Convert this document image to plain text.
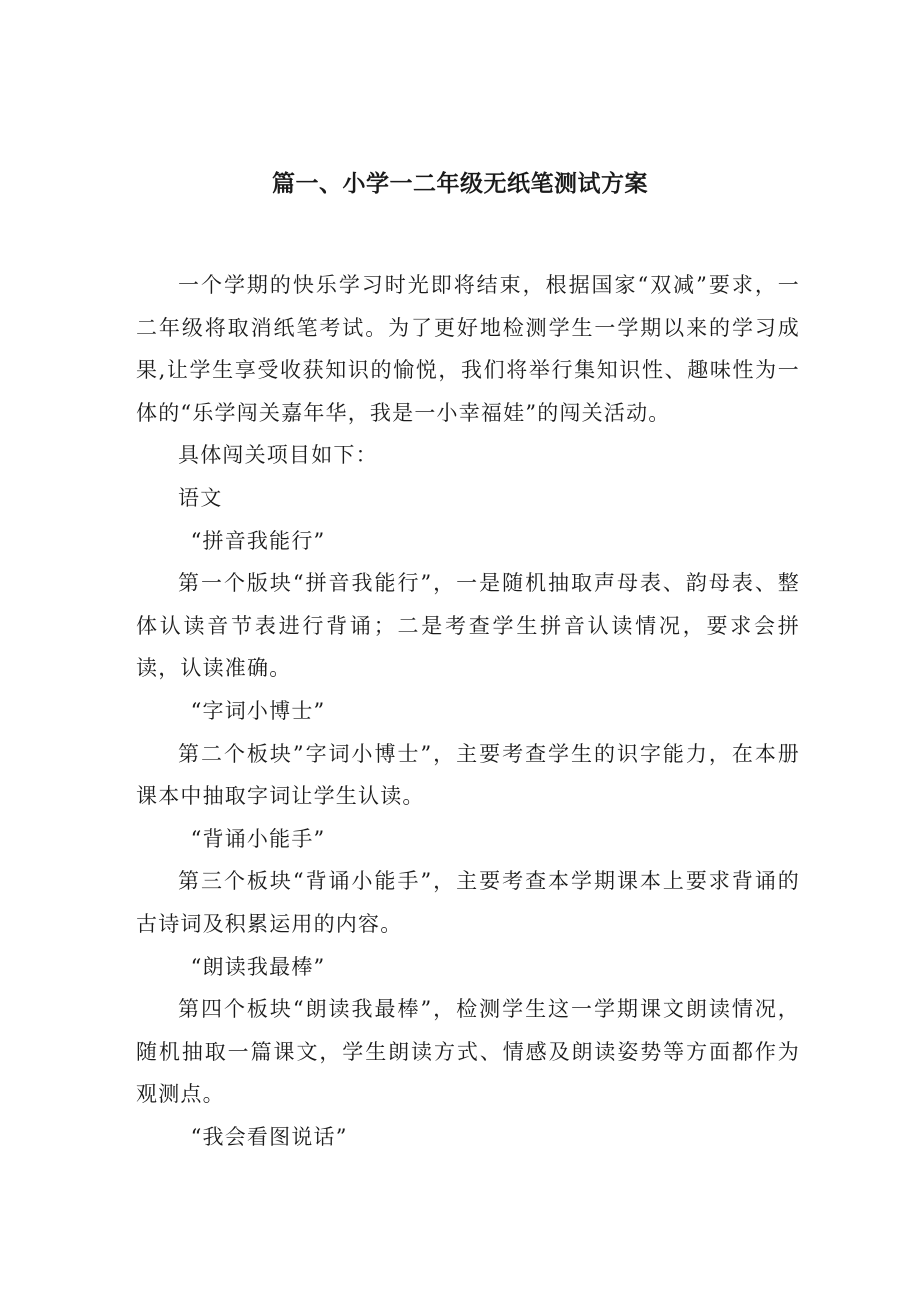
篇一、小学一二年级无纸笔测试方案

一个学期的快乐学习时光即将结束，根据国家“双减”要求，一二年级将取消纸笔考试。为了更好地检测学生一学期以来的学习成果,让学生享受收获知识的愉悦，我们将举行集知识性、趣味性为一体的“乐学闯关嘉年华，我是一小幸福娃”的闯关活动。

具体闯关项目如下：

语文

“拼音我能行”

第一个版块“拼音我能行”，一是随机抽取声母表、韵母表、整体认读音节表进行背诵；二是考查学生拼音认读情况，要求会拼读，认读准确。

“字词小博士”

第二个板块”字词小博士”，主要考查学生的识字能力，在本册课本中抽取字词让学生认读。

“背诵小能手”

第三个板块“背诵小能手”，主要考查本学期课本上要求背诵的古诗词及积累运用的内容。

“朗读我最棒”

第四个板块“朗读我最棒”，检测学生这一学期课文朗读情况，随机抽取一篇课文，学生朗读方式、情感及朗读姿势等方面都作为观测点。

“我会看图说话”
